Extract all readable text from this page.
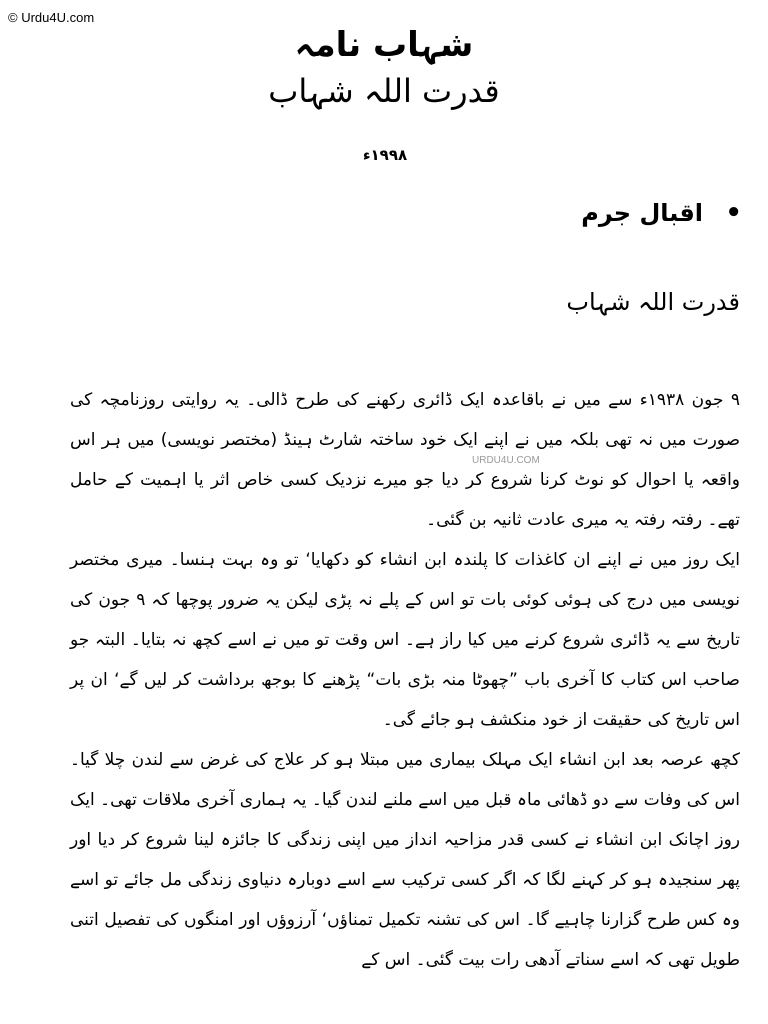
© Urdu4U.com
شہاب نامہ
قدرت اللہ شہاب
۱۹۹۸ء
• اقبال جرم
قدرت اللہ شہاب
URDU4U.COM

۹ جون ۱۹۳۸ء سے میں نے باقاعدہ ایک ڈائری رکھنے کی طرح ڈالی۔ یہ روایتی روزنامچہ کی صورت میں نہ تھی بلکہ میں نے اپنے ایک خود ساختہ شارٹ ہینڈ (مختصر نویسی) میں ہر اس واقعہ یا احوال کو نوٹ کرنا شروع کر دیا جو میرے نزدیک کسی خاص اثر یا اہمیت کے حامل تھے۔ رفتہ رفتہ یہ میری عادت ثانیہ بن گئی۔

ایک روز میں نے اپنے ان کاغذات کا پلندہ ابن انشاء کو دکھایا‘ تو وہ بہت ہنسا۔ میری مختصر نویسی میں درج کی ہوئی کوئی بات تو اس کے پلے نہ پڑی لیکن یہ ضرور پوچھا کہ ۹ جون کی تاریخ سے یہ ڈائری شروع کرنے میں کیا راز ہے۔ اس وقت تو میں نے اسے کچھ نہ بتایا۔ البتہ جو صاحب اس کتاب کا آخری باب ”چھوٹا منہ بڑی بات“ پڑھنے کا بوجھ برداشت کر لیں گے‘ ان پر اس تاریخ کی حقیقت از خود منکشف ہو جائے گی۔

کچھ عرصہ بعد ابن انشاء ایک مہلک بیماری میں مبتلا ہو کر علاج کی غرض سے لندن چلا گیا۔ اس کی وفات سے دو ڈھائی ماہ قبل میں اسے ملنے لندن گیا۔ یہ ہماری آخری ملاقات تھی۔ ایک روز اچانک ابن انشاء نے کسی قدر مزاحیہ انداز میں اپنی زندگی کا جائزہ لینا شروع کر دیا اور پھر سنجیدہ ہو کر کہنے لگا کہ اگر کسی ترکیب سے اسے دوبارہ دنیاوی زندگی مل جائے تو اسے وہ کس طرح گزارنا چاہیے گا۔ اس کی تشنہ تکمیل تمناؤں‘ آرزوؤں اور امنگوں کی تفصیل اتنی طویل تھی کہ اسے سناتے آدھی رات بیت گئی۔ اس کے
